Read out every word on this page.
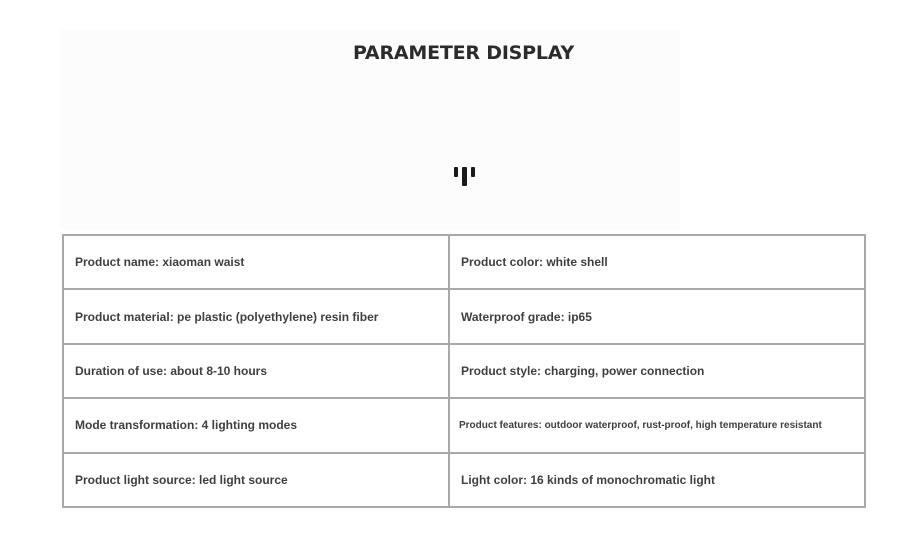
PARAMETER DISPLAY
Product name: xiaoman waist	Product color: white shell
Product material: pe plastic (polyethylene) resin fiber	Waterproof grade: ip65
Duration of use: about 8-10 hours	Product style: charging, power connection
Mode transformation: 4 lighting modes	Product features: outdoor waterproof, rust-proof, high temperature resistant
Product light source: led light source	Light color: 16 kinds of monochromatic light
